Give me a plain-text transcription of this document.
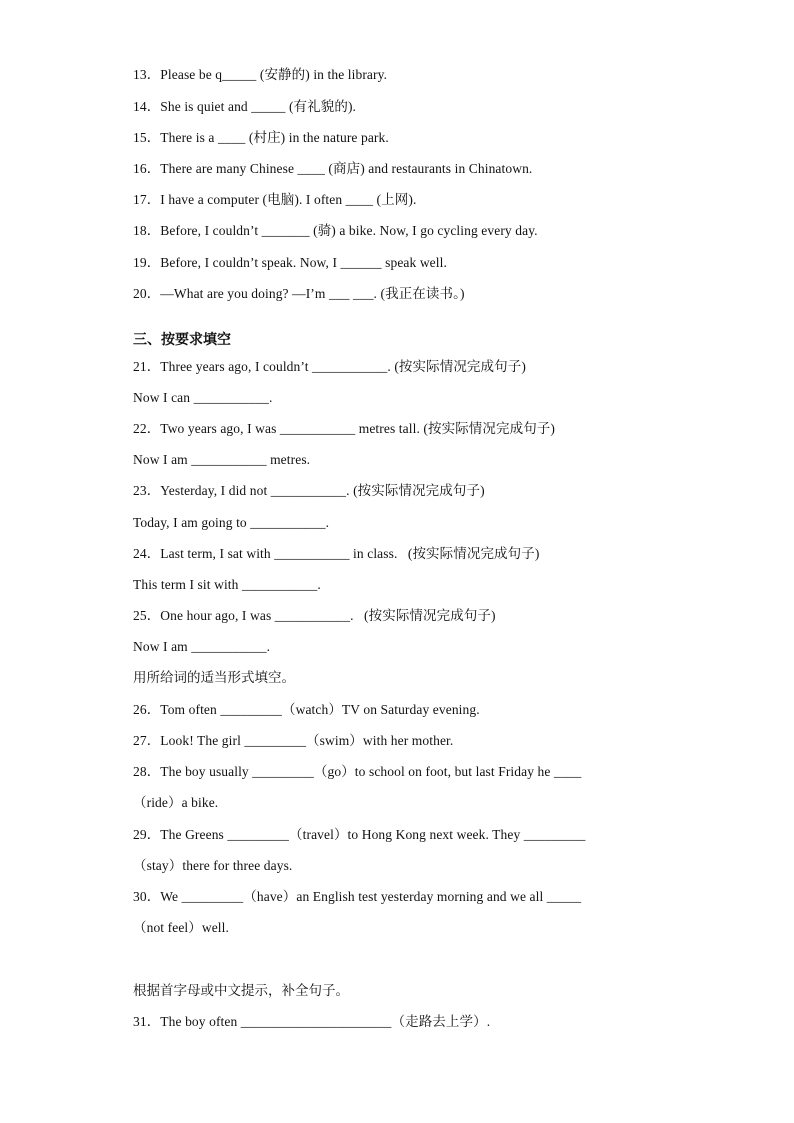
13．Please be q_____ (安静的) in the library.
14．She is quiet and _____ (有礼貌的).
15．There is a ____ (村庄) in the nature park.
16．There are many Chinese ____ (商店) and restaurants in Chinatown.
17．I have a computer (电脑). I often ____ (上网).
18．Before, I couldn’t _______ (骑) a bike. Now, I go cycling every day.
19．Before, I couldn’t speak. Now, I ______ speak well.
20．—What are you doing? —I’m ___ ___. (我正在读书。)
三、按要求填空
21．Three years ago, I couldn’t ___________. (按实际情况完成句子)
Now I can ___________.
22．Two years ago, I was ___________ metres tall. (按实际情况完成句子)
Now I am ___________ metres.
23．Yesterday, I did not ___________. (按实际情况完成句子)
Today, I am going to ___________.
24．Last term, I sat with ___________ in class.   (按实际情况完成句子)
This term I sit with ___________.
25．One hour ago, I was ___________.   (按实际情况完成句子)
Now I am ___________.
用所给词的适当形式填空。
26．Tom often _________（watch）TV on Saturday evening.
27．Look! The girl _________（swim）with her mother.
28．The boy usually _________（go）to school on foot, but last Friday he ____
（ride）a bike.
29．The Greens _________（travel）to Hong Kong next week. They _________
（stay）there for three days.
30．We _________（have）an English test yesterday morning and we all _____
（not feel）well.
根据首字母或中文提示，补全句子。
31．The boy often ______________________（走路去上学）.
